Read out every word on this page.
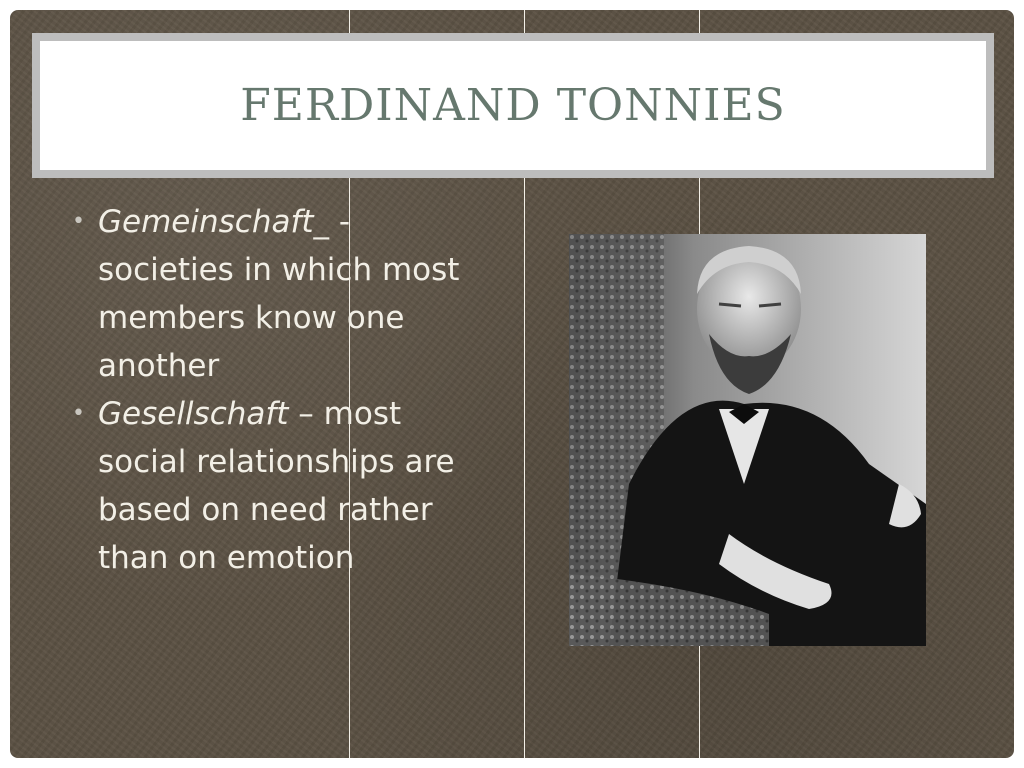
FERDINAND TONNIES
• Gemeinschaft_ - societies in which most members know one another
• Gesellschaft – most social relationships are based on need rather than on emotion
